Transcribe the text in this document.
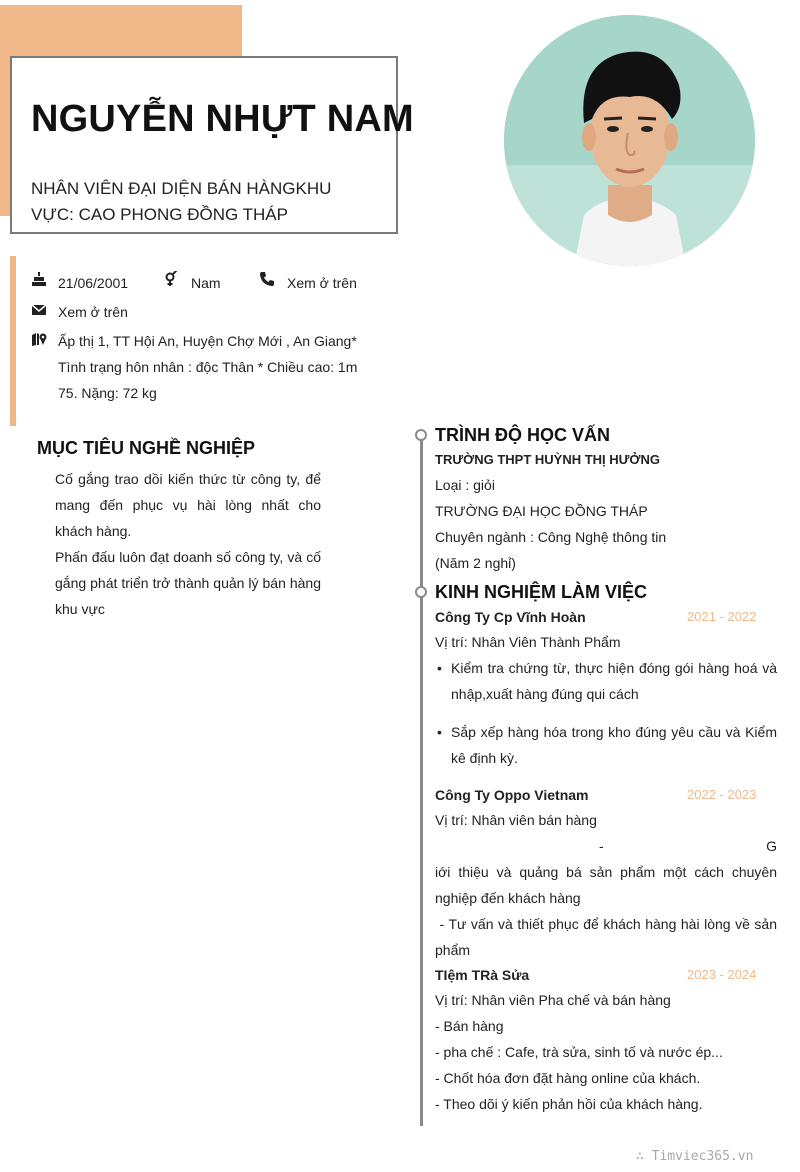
NGUYỄN NHỰT NAM
NHÂN VIÊN ĐẠI DIỆN BÁN HÀNGKHU VỰC: CAO PHONG ĐỒNG THÁP
21/06/2001	Nam	Xem ở trên
Xem ở trên
Ấp thị 1, TT Hội An, Huyện Chợ Mới , An Giang*
Tình trạng hôn nhân : độc Thân * Chiều cao: 1m
75. Nặng: 72 kg
MỤC TIÊU NGHỀ NGHIỆP

Cố gắng trao dồi kiến thức từ công ty, để mang đến phục vụ hài lòng nhất cho khách hàng.

Phấn đấu luôn đạt doanh số công ty, và cố gắng phát triển trở thành quản lý bán hàng khu vực

TRÌNH ĐỘ HỌC VẤN
TRƯỜNG THPT HUỲNH THỊ HƯỞNG
Loại : giỏi
TRƯỜNG ĐẠI HỌC ĐỒNG THÁP
Chuyên ngành : Công Nghệ thông tin
(Năm 2 nghỉ)
KINH NGHIỆM LÀM VIỆC
Công Ty Cp Vĩnh Hoàn	2021 - 2022
Vị trí: Nhân Viên Thành Phẩm
• Kiểm tra chứng từ, thực hiện đóng gói hàng hoá và nhập,xuất hàng đúng qui cách
• Sắp xếp hàng hóa trong kho đúng yêu cầu và Kiểm kê định kỳ.
Công Ty Oppo Vietnam	2022 - 2023
Vị trí: Nhân viên bán hàng
- G
iới thiệu và quảng bá sản phẩm một cách chuyên nghiệp đến khách hàng
- Tư vấn và thiết phục để khách hàng hài lòng về sản phẩm
TIệm TRà Sửa	2023 - 2024
Vị trí: Nhân viên Pha chế và bán hàng
- Bán hàng
- pha chế : Cafe, trà sửa, sinh tố và nước ép...
- Chốt hóa đơn đặt hàng online của khách.
- Theo dõi ý kiến phản hồi của khách hàng.
∴ Timviec365.vn
